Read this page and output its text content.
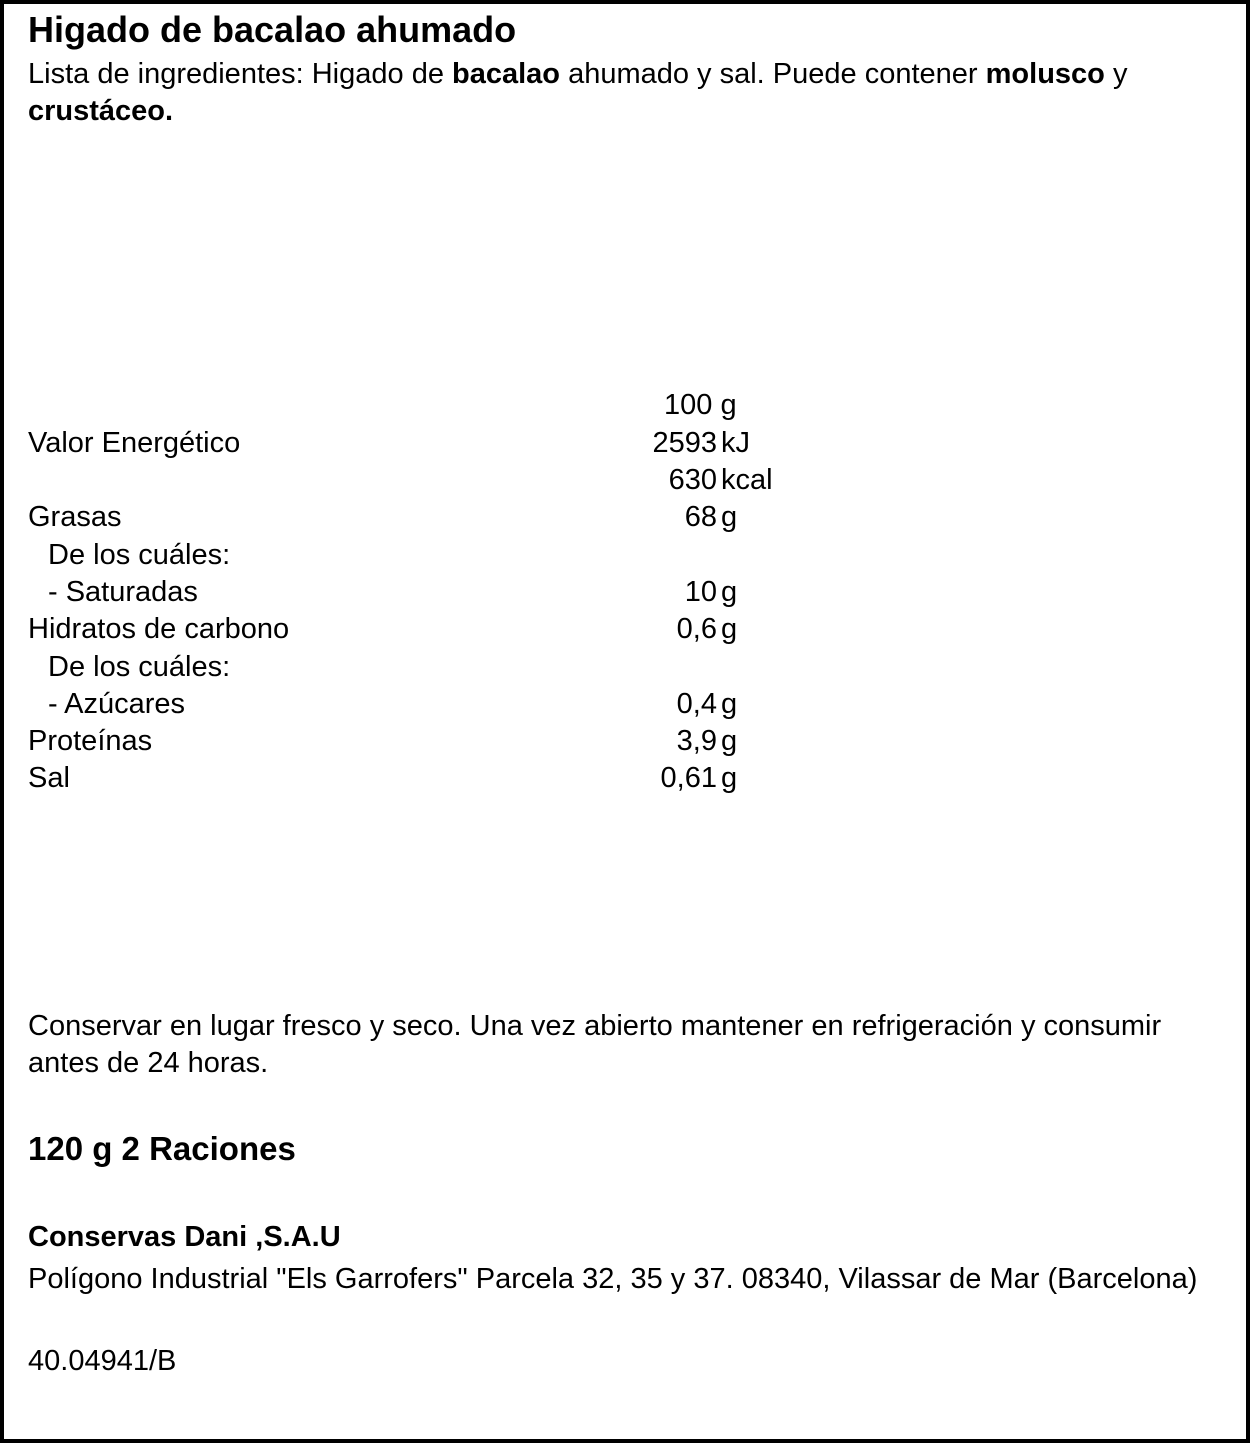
Higado de bacalao ahumado
Lista de ingredientes: Higado de bacalao ahumado y sal. Puede contener molusco y crustáceo.
100 g
Valor Energético	2593 kJ
630 kcal
Grasas	68 g
De los cuáles:
- Saturadas	10 g
Hidratos de carbono	0,6 g
De los cuáles:
- Azúcares	0,4 g
Proteínas	3,9 g
Sal	0,61 g
Conservar en lugar fresco y seco. Una vez abierto mantener en refrigeración y consumir antes de 24 horas.
120 g 2 Raciones
Conservas Dani ,S.A.U
Polígono Industrial "Els Garrofers" Parcela 32, 35 y 37. 08340, Vilassar de Mar (Barcelona)
40.04941/B
